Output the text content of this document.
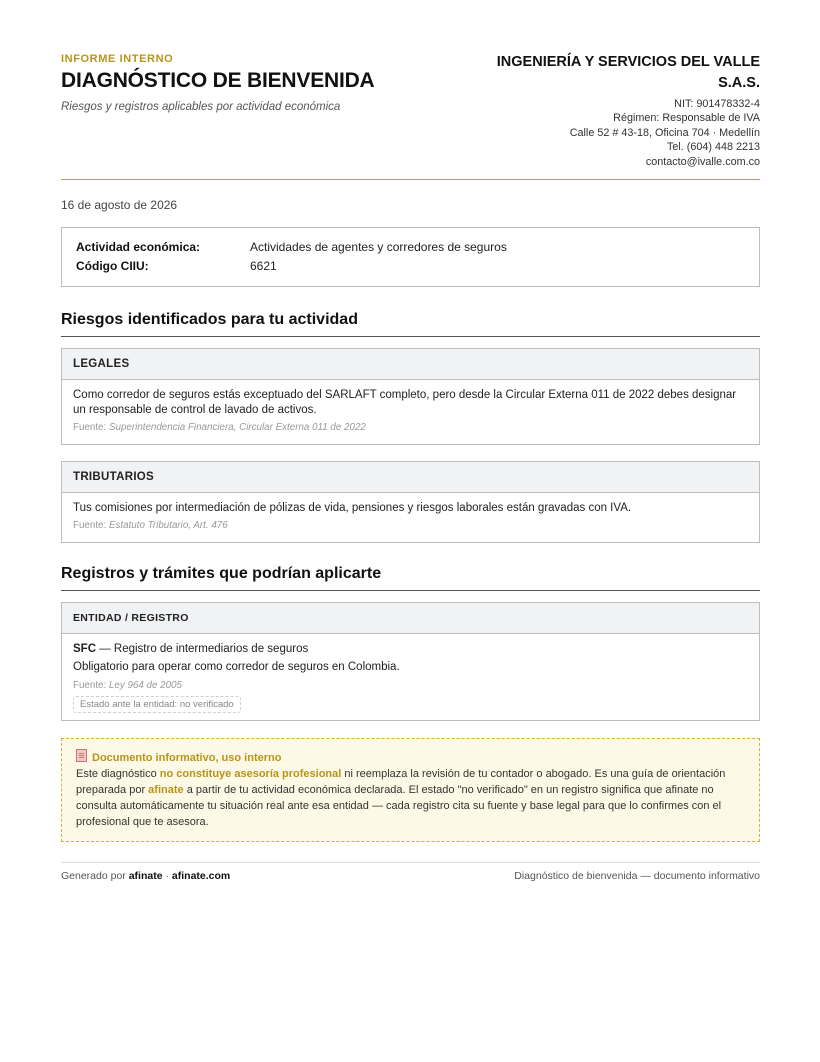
INFORME INTERNO
DIAGNÓSTICO DE BIENVENIDA
Riesgos y registros aplicables por actividad económica
INGENIERÍA Y SERVICIOS DEL VALLE
S.A.S.
NIT: 901478332-4
Régimen: Responsable de IVA
Calle 52 # 43-18, Oficina 704 · Medellín
Tel. (604) 448 2213
contacto@ivalle.com.co
16 de agosto de 2026
Actividad económica:	Actividades de agentes y corredores de seguros
Código CIIU:	6621
Riesgos identificados para tu actividad
LEGALES
Como corredor de seguros estás exceptuado del SARLAFT completo, pero desde la Circular Externa 011 de 2022 debes designar un responsable de control de lavado de activos.
Fuente: Superintendencia Financiera, Circular Externa 011 de 2022
TRIBUTARIOS
Tus comisiones por intermediación de pólizas de vida, pensiones y riesgos laborales están gravadas con IVA.
Fuente: Estatuto Tributario, Art. 476
Registros y trámites que podrían aplicarte
ENTIDAD / REGISTRO
SFC — Registro de intermediarios de seguros
Obligatorio para operar como corredor de seguros en Colombia.
Fuente: Ley 964 de 2005
Estado ante la entidad: no verificado
Documento informativo, uso interno
Este diagnóstico no constituye asesoría profesional ni reemplaza la revisión de tu contador o abogado. Es una guía de orientación preparada por afinate a partir de tu actividad económica declarada. El estado "no verificado" en un registro significa que afinate no consulta automáticamente tu situación real ante esa entidad — cada registro cita su fuente y base legal para que lo confirmes con el profesional que te asesora.
Generado por afinate · afinate.com	Diagnóstico de bienvenida — documento informativo
